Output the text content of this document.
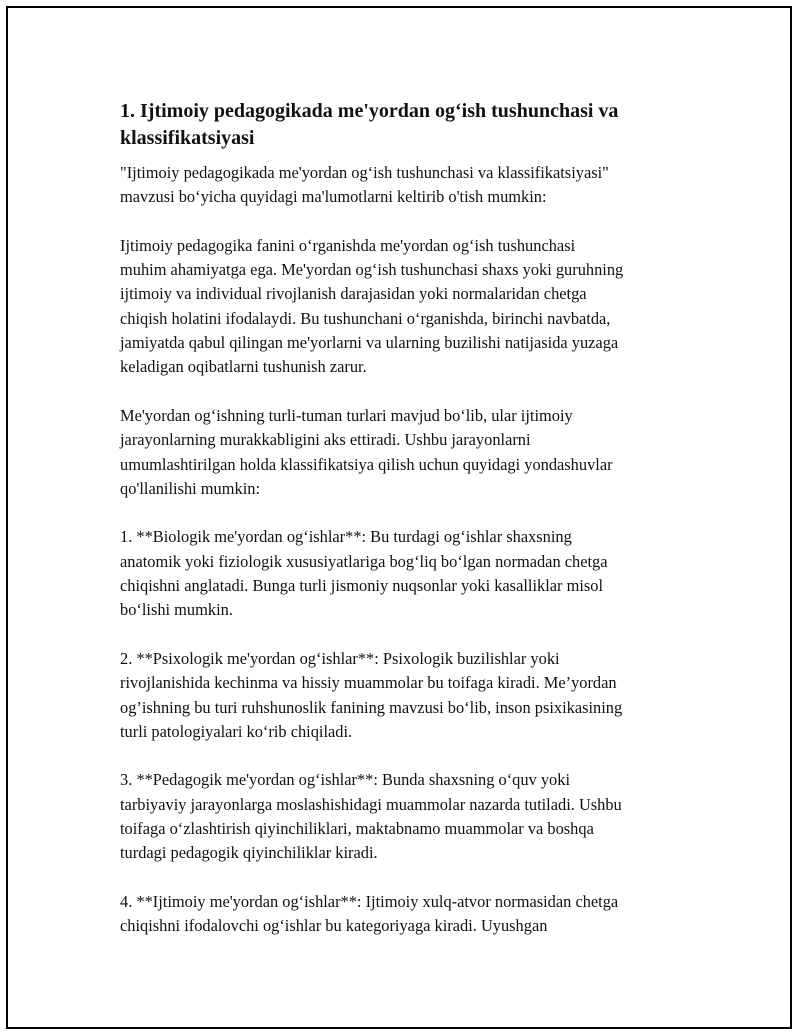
1. Ijtimoiy pedagogikada me'yordan og‘ish tushunchasi va
klassifikatsiyasi
"Ijtimoiy pedagogikada me'yordan og‘ish tushunchasi va klassifikatsiyasi"
mavzusi bo‘yicha quyidagi ma'lumotlarni keltirib o'tish mumkin:
Ijtimoiy pedagogika fanini o‘rganishda me'yordan og‘ish tushunchasi
muhim ahamiyatga ega. Me'yordan og‘ish tushunchasi shaxs yoki guruhning
ijtimoiy va individual rivojlanish darajasidan yoki normalaridan chetga
chiqish holatini ifodalaydi. Bu tushunchani o‘rganishda, birinchi navbatda,
jamiyatda qabul qilingan me'yorlarni va ularning buzilishi natijasida yuzaga
keladigan oqibatlarni tushunish zarur.
Me'yordan og‘ishning turli-tuman turlari mavjud bo‘lib, ular ijtimoiy
jarayonlarning murakkabligini aks ettiradi. Ushbu jarayonlarni
umumlashtirilgan holda klassifikatsiya qilish uchun quyidagi yondashuvlar
qo'llanilishi mumkin:
1. **Biologik me'yordan og‘ishlar**: Bu turdagi og‘ishlar shaxsning
anatomik yoki fiziologik xususiyatlariga bog‘liq bo‘lgan normadan chetga
chiqishni anglatadi. Bunga turli jismoniy nuqsonlar yoki kasalliklar misol
bo‘lishi mumkin.
2. **Psixologik me'yordan og‘ishlar**: Psixologik buzilishlar yoki
rivojlanishida kechinma va hissiy muammolar bu toifaga kiradi. Me’yordan
og’ishning bu turi ruhshunoslik fanining mavzusi bo‘lib, inson psixikasining
turli patologiyalari ko‘rib chiqiladi.
3. **Pedagogik me'yordan og‘ishlar**: Bunda shaxsning o‘quv yoki
tarbiyaviy jarayonlarga moslashishidagi muammolar nazarda tutiladi. Ushbu
toifaga o‘zlashtirish qiyinchiliklari, maktabnamo muammolar va boshqa
turdagi pedagogik qiyinchiliklar kiradi.
4. **Ijtimoiy me'yordan og‘ishlar**: Ijtimoiy xulq-atvor normasidan chetga
chiqishni ifodalovchi og‘ishlar bu kategoriyaga kiradi. Uyushgan
